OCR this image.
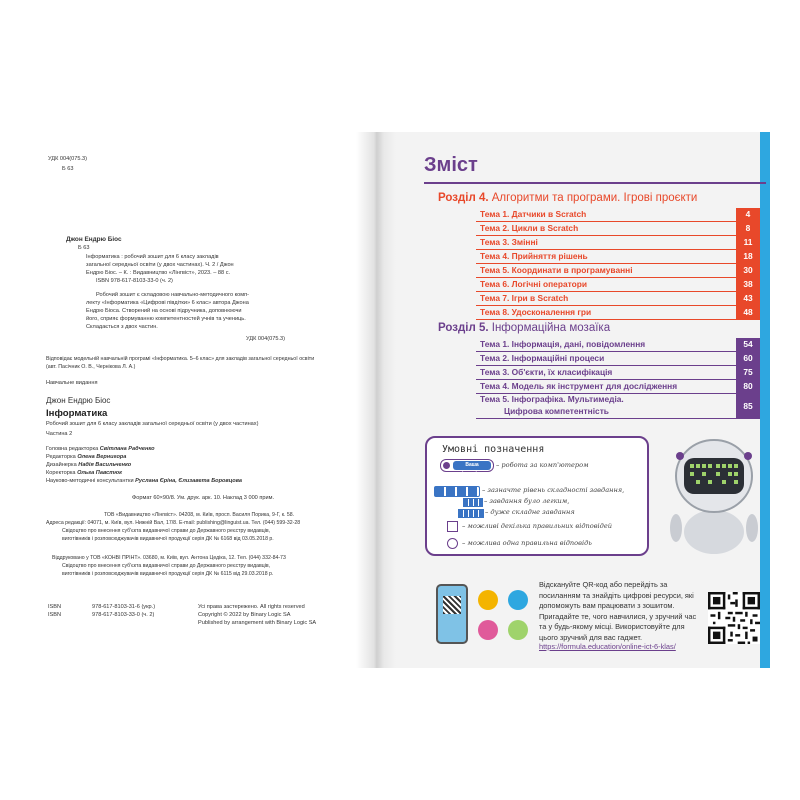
УДК 004(075.3)
Б 63
Джон Ендрю Біос
Б 63
Інформатика : робочий зошит для 6 класу закладів
загальної середньої освіти (у двох частинах). Ч. 2 / Джон
Ендрю Біос. – К. : Видавництво «Лінгвіст», 2023. – 88 с.
ISBN 978-617-8103-33-0 (ч. 2)
Робочий зошит є складовою навчально-методичного комп-
лекту «Інформатика «Цифрові півдітки» 6 клас» автора Джона
Ендрю Біоса. Створений на основі підручника, доповнюючи
його, сприяє формуванню компетентностей учнів та учениць.
Складається з двох частин.
УДК 004(075.3)
Відповідає модельній навчальній програмі «Інформатика. 5–6 клас» для закладів загальної середньої освіти
(авт. Пасічник О. В., Чернікова Л. А.)
Навчальне видання
Джон Ендрю Біос
Інформатика
Робочий зошит для 6 класу закладів загальної середньої освіти (у двох частинах)
Частина 2
Головна редакторка Світлана Радченко
Редакторка Олена Вернигора
Дизайнерка Надія Васильченко
Коректорка Ольга Павстюк
Науково-методичні консультантки Руслана Єріна, Єлизавета Боровцова
Формат 60×90/8. Ум. друк. арк. 10. Наклад 3 000 прим.
ТОВ «Видавництво «Лінгвіст». 04208, м. Київ, просп. Василя Порика, 9-Г, к. 58.
Адреса редакції: 04071, м. Київ, вул. Нижній Вал, 17/8. Е-mail: publishing@linguist.ua. Тел. (044) 599-32-28
Свідоцтво про внесення суб'єкта видавничої справи до Державного реєстру видавців,
виготівників і розповсюджувачів видавничої продукції серія ДК № 6168 від 03.05.2018 р.
Віддруковано у ТОВ «КОНВІ ПРІНТ». 03680, м. Київ, вул. Антона Цедіка, 12. Тел. (044) 332-84-73
Свідоцтво про внесення суб'єкта видавничої справи до Державного реєстру видавців,
виготівників і розповсюджувачів видавничої продукції серія ДК № 6115 від 29.03.2018 р.
ISBN	978-617-8103-31-6 (укр.)	Усі права застережено. All rights reserved
ISBN	978-617-8103-33-0 (ч. 2)	Copyright © 2022 by Binary Logic SA
Published by arrangement with Binary Logic SA
Зміст
Розділ 4. Алгоритми та програми. Ігрові проєкти
Тема 1. Датчики в Scratch	4
Тема 2. Цикли в Scratch	8
Тема 3. Змінні	11
Тема 4. Прийняття рішень	18
Тема 5. Координати в програмуванні	30
Тема 6. Логічні оператори	38
Тема 7. Ігри в Scratch	43
Тема 8. Удосконалення гри	48
Розділ 5. Інформаційна мозаїка
Тема 1. Інформація, дані, повідомлення	54
Тема 2. Інформаційні процеси	60
Тема 3. Об'єкти, їх класифікація	75
Тема 4. Модель як інструмент для дослідження	80
Тема 5. Інфографіка. Мультимедіа.
Цифрова компетентність	85
Умовні позначення
Ваша діяльність
– робота за комп'ютером
– зазначте рівень складності завдання,
– завдання було легким,
– дуже складне завдання
– можливі декілька правильних відповідей
– можлива одна правильна відповідь
Відскануйте QR-код або перейдіть за посиланням та знайдіть цифрові ресурси, які допоможуть вам працювати з зошитом. Пригадайте те, чого навчилися, у зручний час та у будь-якому місці. Використовуйте для цього зручний для вас гаджет.
https://formula.education/online-ict-6-klas/
